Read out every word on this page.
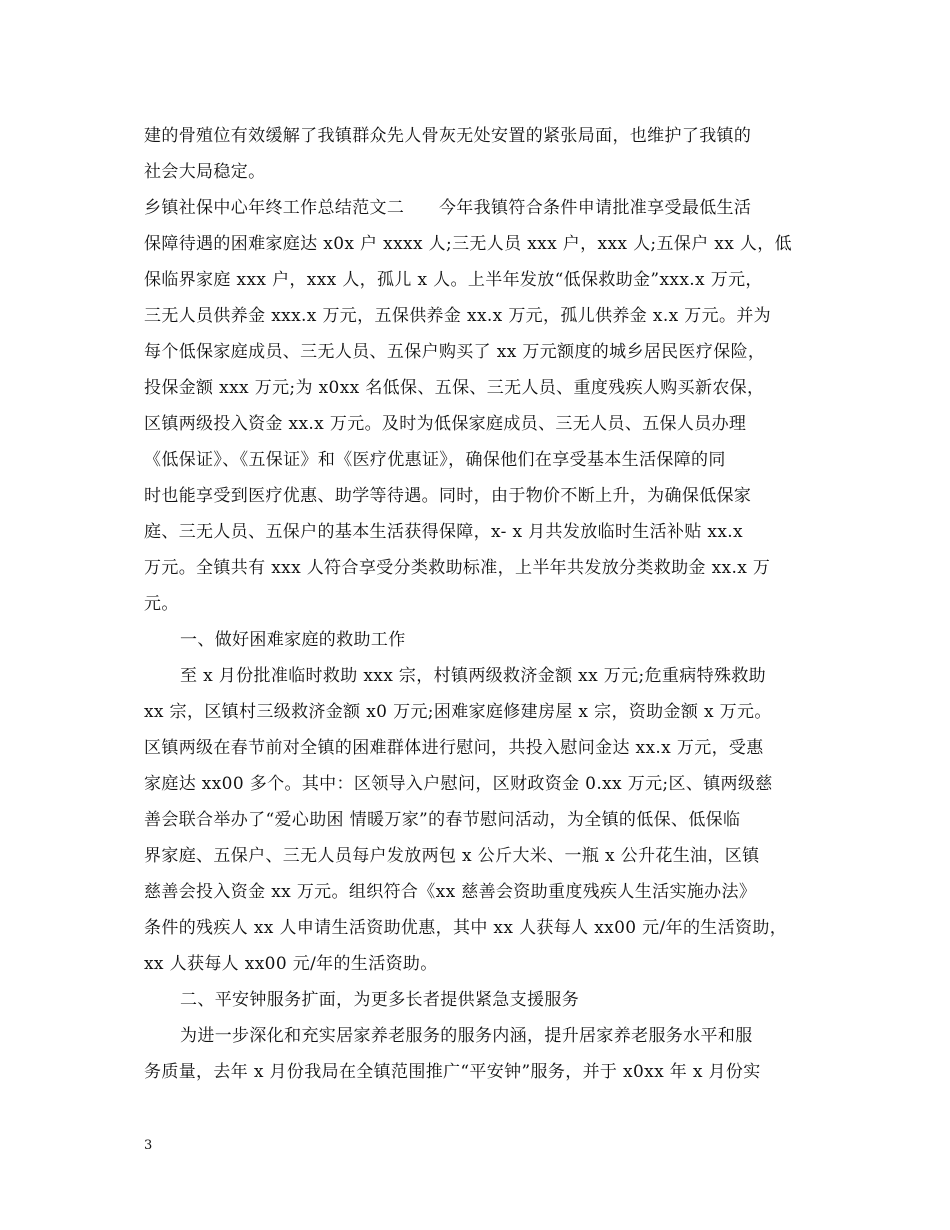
建的骨殖位有效缓解了我镇群众先人骨灰无处安置的紧张局面，也维护了我镇的
社会大局稳定。
乡镇社保中心年终工作总结范文二　　今年我镇符合条件申请批准享受最低生活
保障待遇的困难家庭达 x0x 户 xxxx 人;三无人员 xxx 户，xxx 人;五保户 xx 人，低
保临界家庭 xxx 户，xxx 人，孤儿 x 人。上半年发放“低保救助金”xxx.x 万元，
三无人员供养金 xxx.x 万元，五保供养金 xx.x 万元，孤儿供养金 x.x 万元。并为
每个低保家庭成员、三无人员、五保户购买了 xx 万元额度的城乡居民医疗保险，
投保金额 xxx 万元;为 x0xx 名低保、五保、三无人员、重度残疾人购买新农保，
区镇两级投入资金 xx.x 万元。及时为低保家庭成员、三无人员、五保人员办理
《低保证》、《五保证》和《医疗优惠证》，确保他们在享受基本生活保障的同
时也能享受到医疗优惠、助学等待遇。同时，由于物价不断上升，为确保低保家
庭、三无人员、五保户的基本生活获得保障，x- x 月共发放临时生活补贴 xx.x
万元。全镇共有 xxx 人符合享受分类救助标准，上半年共发放分类救助金 xx.x 万
元。
一、做好困难家庭的救助工作
至 x 月份批准临时救助 xxx 宗，村镇两级救济金额 xx 万元;危重病特殊救助
xx 宗，区镇村三级救济金额 x0 万元;困难家庭修建房屋 x 宗，资助金额 x 万元。
区镇两级在春节前对全镇的困难群体进行慰问，共投入慰问金达 xx.x 万元，受惠
家庭达 xx00 多个。其中：区领导入户慰问，区财政资金 0.xx 万元;区、镇两级慈
善会联合举办了“爱心助困 情暖万家”的春节慰问活动，为全镇的低保、低保临
界家庭、五保户、三无人员每户发放两包 x 公斤大米、一瓶 x 公升花生油，区镇
慈善会投入资金 xx 万元。组织符合《xx 慈善会资助重度残疾人生活实施办法》
条件的残疾人 xx 人申请生活资助优惠，其中 xx 人获每人 xx00 元/年的生活资助，
xx 人获每人 xx00 元/年的生活资助。
二、平安钟服务扩面，为更多长者提供紧急支援服务
为进一步深化和充实居家养老服务的服务内涵，提升居家养老服务水平和服
务质量，去年 x 月份我局在全镇范围推广“平安钟”服务，并于 x0xx 年 x 月份实
3
